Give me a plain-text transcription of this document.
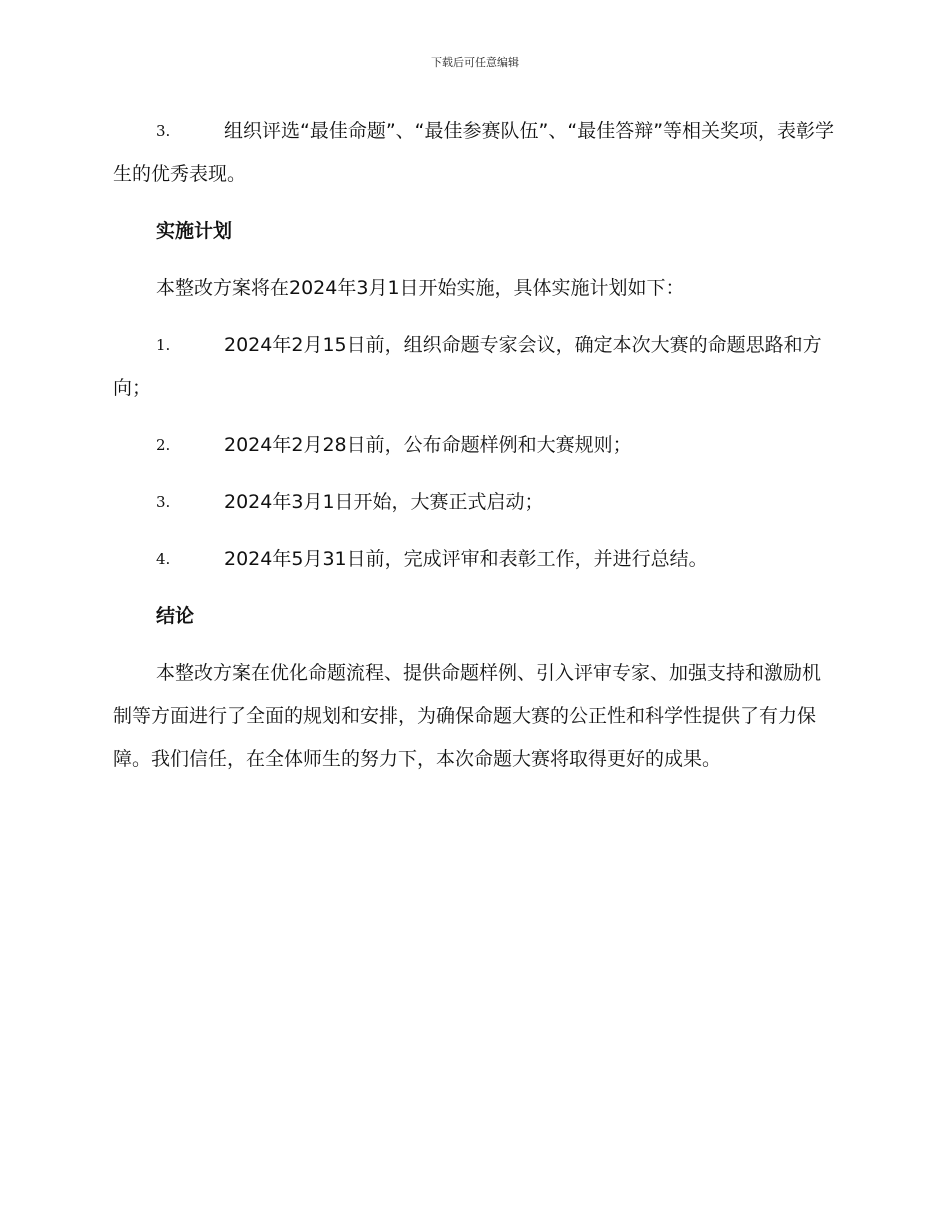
下载后可任意编辑

3.	组织评选“最佳命题”、“最佳参赛队伍”、“最佳答辩”等相关奖项，表彰学生的优秀表现。

实施计划

本整改方案将在2024年3月1日开始实施，具体实施计划如下：

1.	2024年2月15日前，组织命题专家会议，确定本次大赛的命题思路和方向；

2.	2024年2月28日前，公布命题样例和大赛规则；

3.	2024年3月1日开始，大赛正式启动；

4.	2024年5月31日前，完成评审和表彰工作，并进行总结。

结论

本整改方案在优化命题流程、提供命题样例、引入评审专家、加强支持和激励机制等方面进行了全面的规划和安排，为确保命题大赛的公正性和科学性提供了有力保障。我们信任，在全体师生的努力下，本次命题大赛将取得更好的成果。
